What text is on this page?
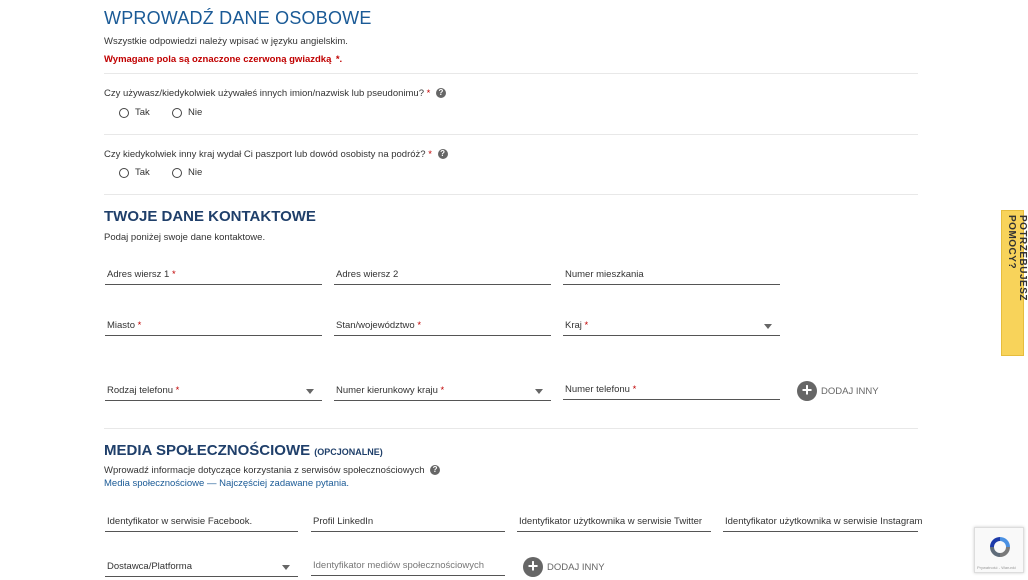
WPROWADŹ DANE OSOBOWE
Wszystkie odpowiedzi należy wpisać w języku angielskim.
Wymagane pola są oznaczone czerwoną gwiazdką *.
Czy używasz/kiedykolwiek używałeś innych imion/nazwisk lub pseudonimu? * ?
Tak	Nie
Czy kiedykolwiek inny kraj wydał Ci paszport lub dowód osobisty na podróż? * ?
Tak	Nie
TWOJE DANE KONTAKTOWE
Podaj poniżej swoje dane kontaktowe.
Adres wiersz 1 *	Adres wiersz 2	Numer mieszkania
Miasto *	Stan/województwo *	Kraj *
Rodzaj telefonu *	Numer kierunkowy kraju *	Numer telefonu *	+ DODAJ INNY
MEDIA SPOŁECZNOŚCIOWE (OPCJONALNE)
Wprowadź informacje dotyczące korzystania z serwisów społecznościowych ?
Media społecznościowe — Najczęściej zadawane pytania.
Identyfikator w serwisie Facebook.	Profil LinkedIn	Identyfikator użytkownika w serwisie Twitter Identyfikator użytkownika w serwisie Instagram
Dostawca/Platforma	Identyfikator mediów społecznościowych + DODAJ INNY
POTRZEBUJESZ POMOCY?
Prywatność - Warunki
